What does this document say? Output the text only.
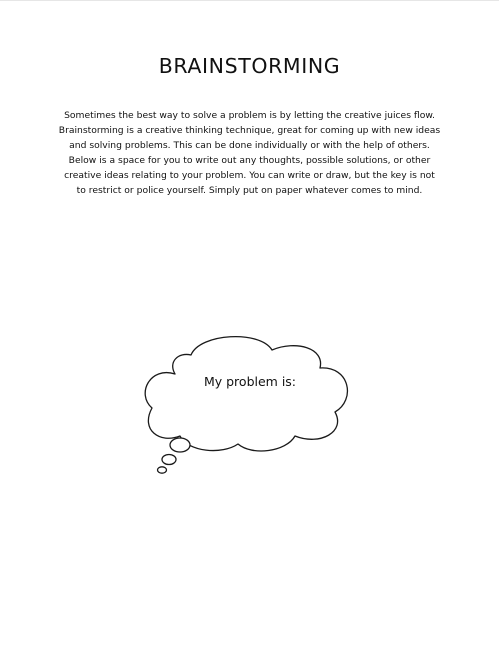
BRAINSTORMING
Sometimes the best way to solve a problem is by letting the creative juices flow.
Brainstorming is a creative thinking technique, great for coming up with new ideas
and solving problems. This can be done individually or with the help of others.
Below is a space for you to write out any thoughts, possible solutions, or other
creative ideas relating to your problem. You can write or draw, but the key is not
to restrict or police yourself. Simply put on paper whatever comes to mind.
My problem is:
